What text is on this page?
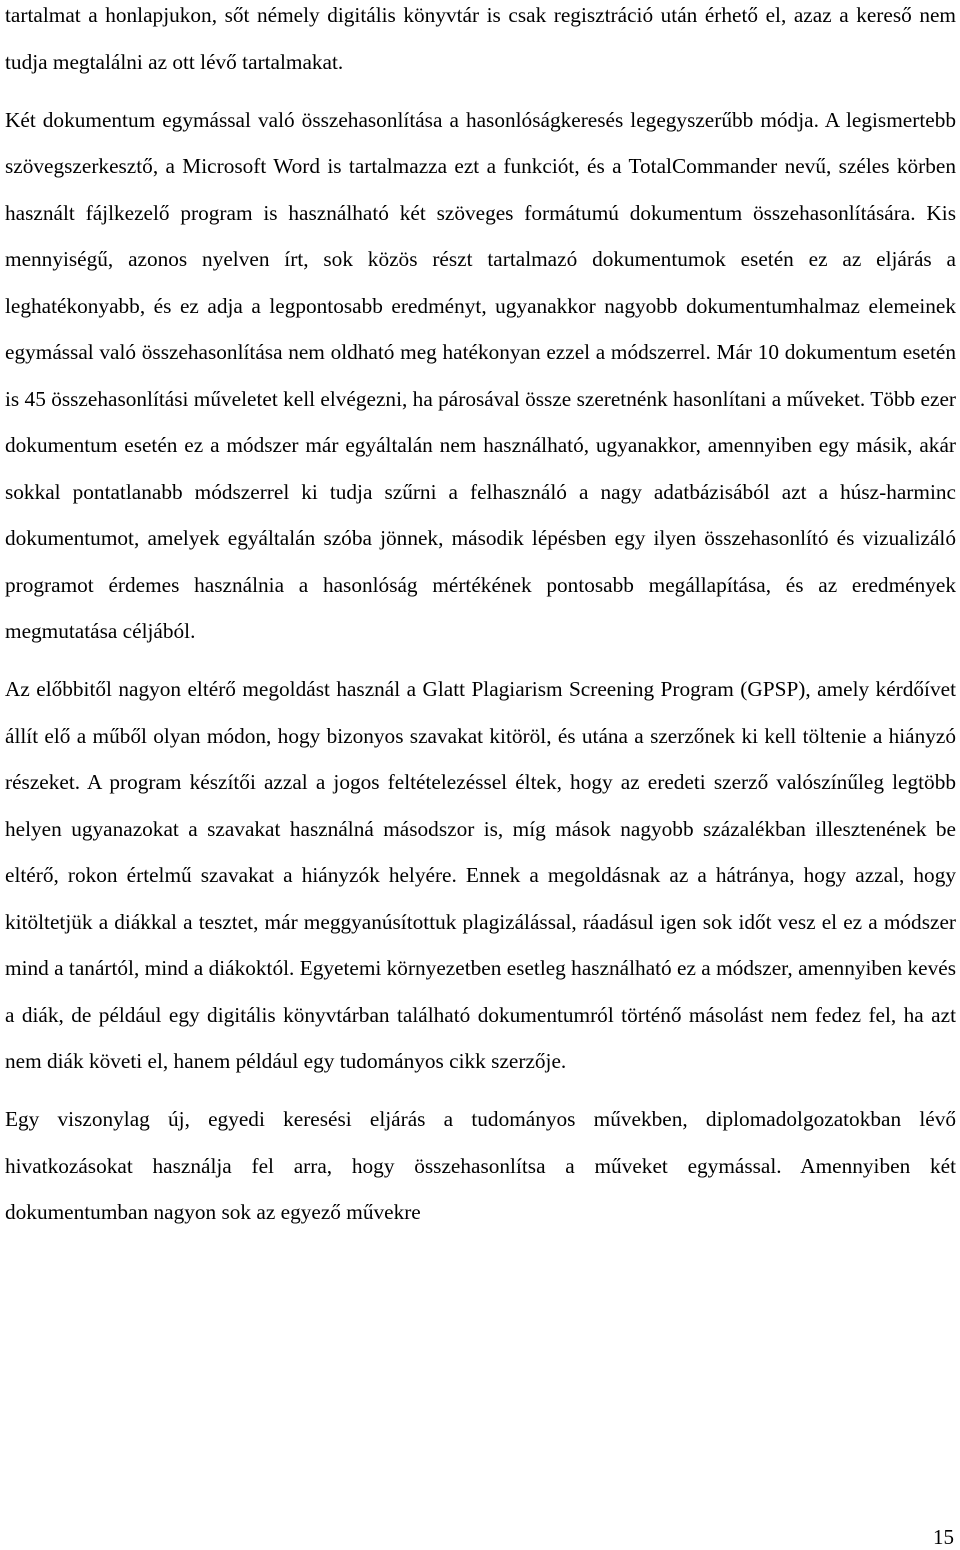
tartalmat a honlapjukon, sőt némely digitális könyvtár is csak regisztráció után érhető el, azaz a kereső nem tudja megtalálni az ott lévő tartalmakat.

Két dokumentum egymással való összehasonlítása a hasonlóságkeresés legegyszerűbb módja. A legismertebb szövegszerkesztő, a Microsoft Word is tartalmazza ezt a funkciót, és a TotalCommander nevű, széles körben használt fájlkezelő program is használható két szöveges formátumú dokumentum összehasonlítására. Kis mennyiségű, azonos nyelven írt, sok közös részt tartalmazó dokumentumok esetén ez az eljárás a leghatékonyabb, és ez adja a legpontosabb eredményt, ugyanakkor nagyobb dokumentumhalmaz elemeinek egymással való összehasonlítása nem oldható meg hatékonyan ezzel a módszerrel. Már 10 dokumentum esetén is 45 összehasonlítási műveletet kell elvégezni, ha párosával össze szeretnénk hasonlítani a műveket. Több ezer dokumentum esetén ez a módszer már egyáltalán nem használható, ugyanakkor, amennyiben egy másik, akár sokkal pontatlanabb módszerrel ki tudja szűrni a felhasználó a nagy adatbázisából azt a húsz-harminc dokumentumot, amelyek egyáltalán szóba jönnek, második lépésben egy ilyen összehasonlító és vizualizáló programot érdemes használnia a hasonlóság mértékének pontosabb megállapítása, és az eredmények megmutatása céljából.

Az előbbitől nagyon eltérő megoldást használ a Glatt Plagiarism Screening Program (GPSP), amely kérdőívet állít elő a műből olyan módon, hogy bizonyos szavakat kitöröl, és utána a szerzőnek ki kell töltenie a hiányzó részeket. A program készítői azzal a jogos feltételezéssel éltek, hogy az eredeti szerző valószínűleg legtöbb helyen ugyanazokat a szavakat használná másodszor is, míg mások nagyobb százalékban illesztenének be eltérő, rokon értelmű szavakat a hiányzók helyére. Ennek a megoldásnak az a hátránya, hogy azzal, hogy kitöltetjük a diákkal a tesztet, már meggyanúsítottuk plagizálással, ráadásul igen sok időt vesz el ez a módszer mind a tanártól, mind a diákoktól. Egyetemi környezetben esetleg használható ez a módszer, amennyiben kevés a diák, de például egy digitális könyvtárban található dokumentumról történő másolást nem fedez fel, ha azt nem diák követi el, hanem például egy tudományos cikk szerzője.

Egy viszonylag új, egyedi keresési eljárás a tudományos művekben, diplomadolgozatokban lévő hivatkozásokat használja fel arra, hogy összehasonlítsa a műveket egymással. Amennyiben két dokumentumban nagyon sok az egyező művekre

15
